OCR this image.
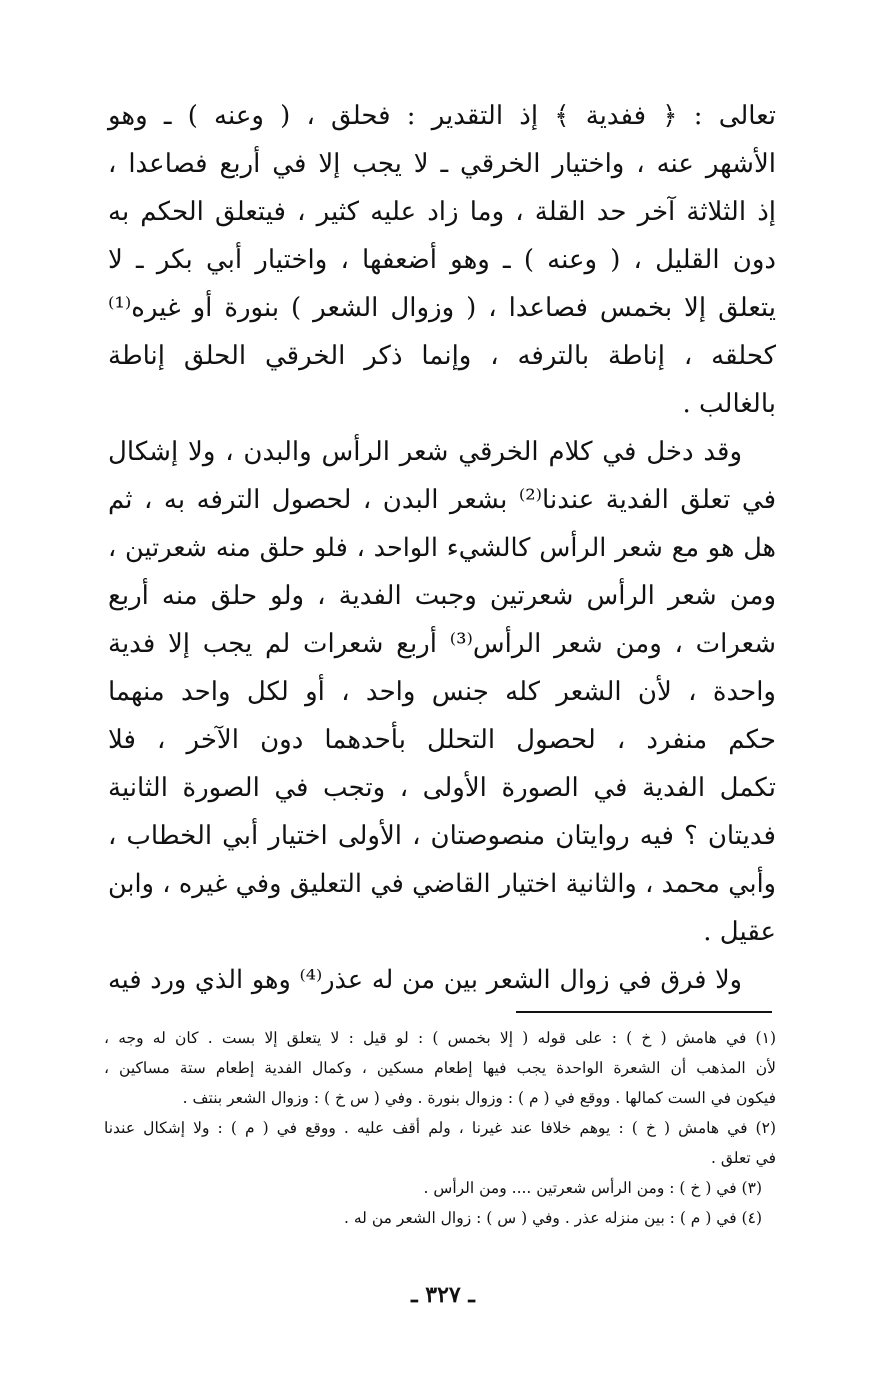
تعالى : ﴿ ففدية ﴾ إذ التقدير : فحلق ، ( وعنه ) ـ وهو
الأشهر عنه ، واختيار الخرقي ـ لا يجب إلا في أربع فصاعدا ،
إذ الثلاثة آخر حد القلة ، وما زاد عليه كثير ، فيتعلق الحكم به
دون القليل ، ( وعنه ) ـ وهو أضعفها ، واختيار أبي بكر ـ لا
يتعلق إلا بخمس فصاعدا ، ( وزوال الشعر ) بنورة أو غيره⁽¹⁾
كحلقه ، إناطة بالترفه ، وإنما ذكر الخرقي الحلق إناطة
بالغالب .
وقد دخل في كلام الخرقي شعر الرأس والبدن ، ولا إشكال
في تعلق الفدية عندنا⁽²⁾ بشعر البدن ، لحصول الترفه به ، ثم
هل هو مع شعر الرأس كالشيء الواحد ، فلو حلق منه شعرتين ،
ومن شعر الرأس شعرتين وجبت الفدية ، ولو حلق منه أربع
شعرات ، ومن شعر الرأس⁽³⁾ أربع شعرات لم يجب إلا فدية
واحدة ، لأن الشعر كله جنس واحد ، أو لكل واحد منهما
حكم منفرد ، لحصول التحلل بأحدهما دون الآخر ، فلا
تكمل الفدية في الصورة الأولى ، وتجب في الصورة الثانية
فديتان ؟ فيه روايتان منصوصتان ، الأولى اختيار أبي الخطاب ،
وأبي محمد ، والثانية اختيار القاضي في التعليق وفي غيره ، وابن
عقيل .
ولا فرق في زوال الشعر بين من له عذر⁽⁴⁾ وهو الذي ورد فيه
(١) في هامش ( خ ) : على قوله ( إلا بخمس ) : لو قيل : لا يتعلق إلا بست . كان له وجه ،
لأن المذهب أن الشعرة الواحدة يجب فيها إطعام مسكين ، وكمال الفدية إطعام ستة مساكين ،
فيكون في الست كمالها . ووقع في ( م ) : وزوال بنورة . وفي ( س خ ) : وزوال الشعر بنتف .
(٢) في هامش ( خ ) : يوهم خلافا عند غيرنا ، ولم أقف عليه . ووقع في ( م ) : ولا إشكال عندنا
في تعلق .
(٣) في ( خ ) : ومن الرأس شعرتين .... ومن الرأس .
(٤) في ( م ) : بين منزله عذر . وفي ( س ) : زوال الشعر من له .
ـ ٣٢٧ ـ
